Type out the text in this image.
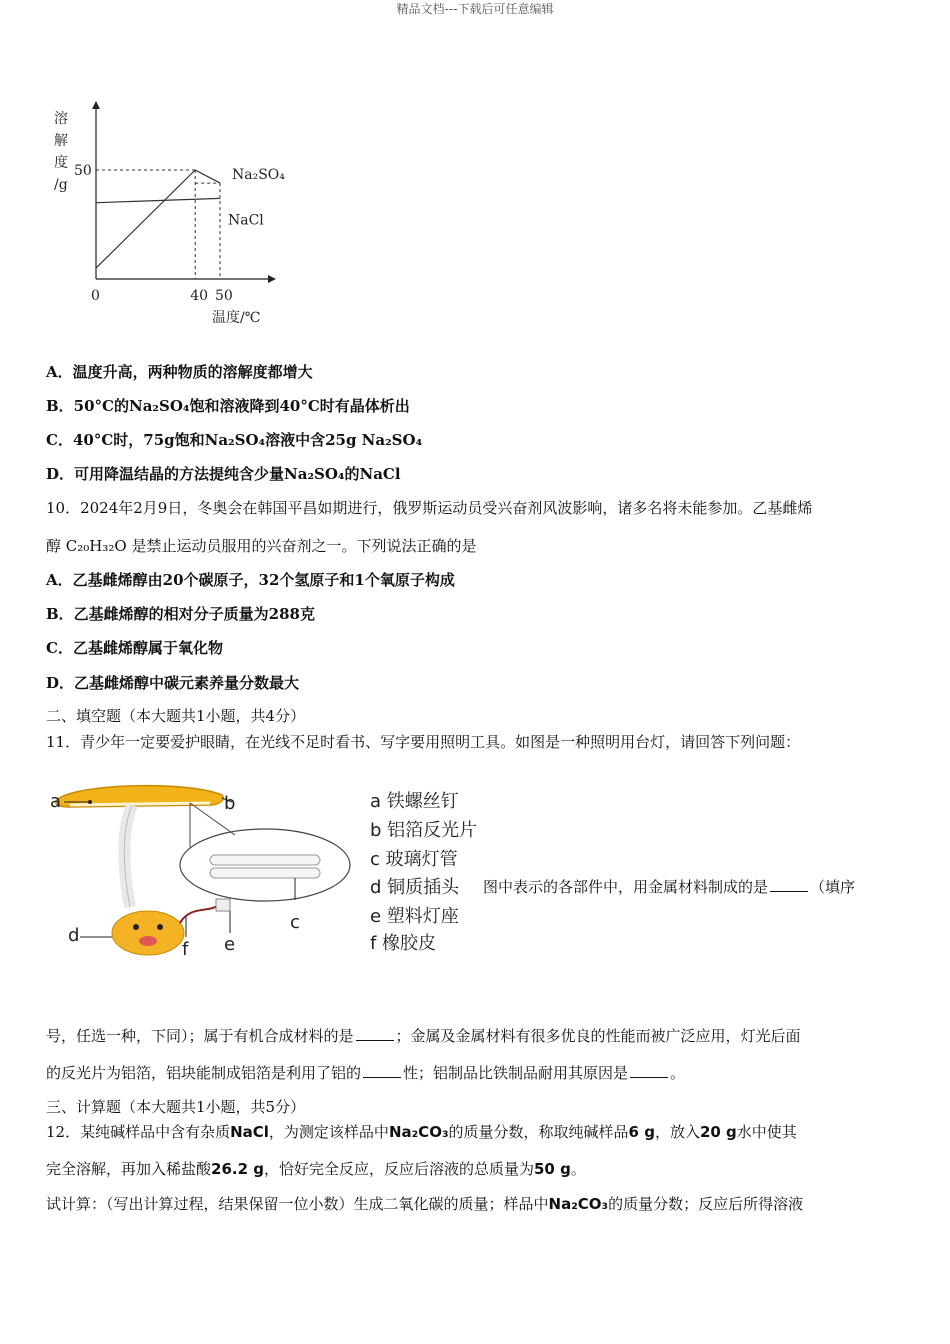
精品文档---下载后可任意编辑
溶
解
度
/g
温度/℃
0	40 50
50	Na₂SO₄
NaCl
A．温度升高，两种物质的溶解度都增大
B．50°C的Na₂SO₄饱和溶液降到40°C时有晶体析出
C．40°C时，75g饱和Na₂SO₄溶液中含25g Na₂SO₄
D．可用降温结晶的方法提纯含少量Na₂SO₄的NaCl
10．2024年2月9日，冬奥会在韩国平昌如期进行，俄罗斯运动员受兴奋剂风波影响，诸多名将未能参加。乙基雌烯
醇 C₂₀H₃₂O 是禁止运动员服用的兴奋剂之一。下列说法正确的是
A．乙基雌烯醇由20个碳原子，32个氢原子和1个氧原子构成
B．乙基雌烯醇的相对分子质量为288克
C．乙基雌烯醇属于氧化物
D．乙基雌烯醇中碳元素养量分数最大
二、填空题（本大题共1小题，共4分）
11．青少年一定要爱护眼睛，在光线不足时看书、写字要用照明工具。如图是一种照明用台灯，请回答下列问题：
a	b
c
d	e
f
a 铁螺丝钉
b 铝箔反光片
c 玻璃灯管
d 铜质插头
e 塑料灯座
f 橡胶皮
图中表示的各部件中，用金属材料制成的是	（填序
号，任选一种，下同）；属于有机合成材料的是	；金属及金属材料有很多优良的性能而被广泛应用，灯光后面
的反光片为铝箔，铝块能制成铝箔是利用了铝的	性；铝制品比铁制品耐用其原因是	。
三、计算题（本大题共1小题，共5分）
12．某纯碱样品中含有杂质NaCl，为测定该样品中Na₂CO₃的质量分数，称取纯碱样品6 g，放入20 g水中使其
完全溶解，再加入稀盐酸26.2 g，恰好完全反应，反应后溶液的总质量为50 g。
试计算：（写出计算过程，结果保留一位小数）生成二氧化碳的质量；样品中Na₂CO₃的质量分数；反应后所得溶液
